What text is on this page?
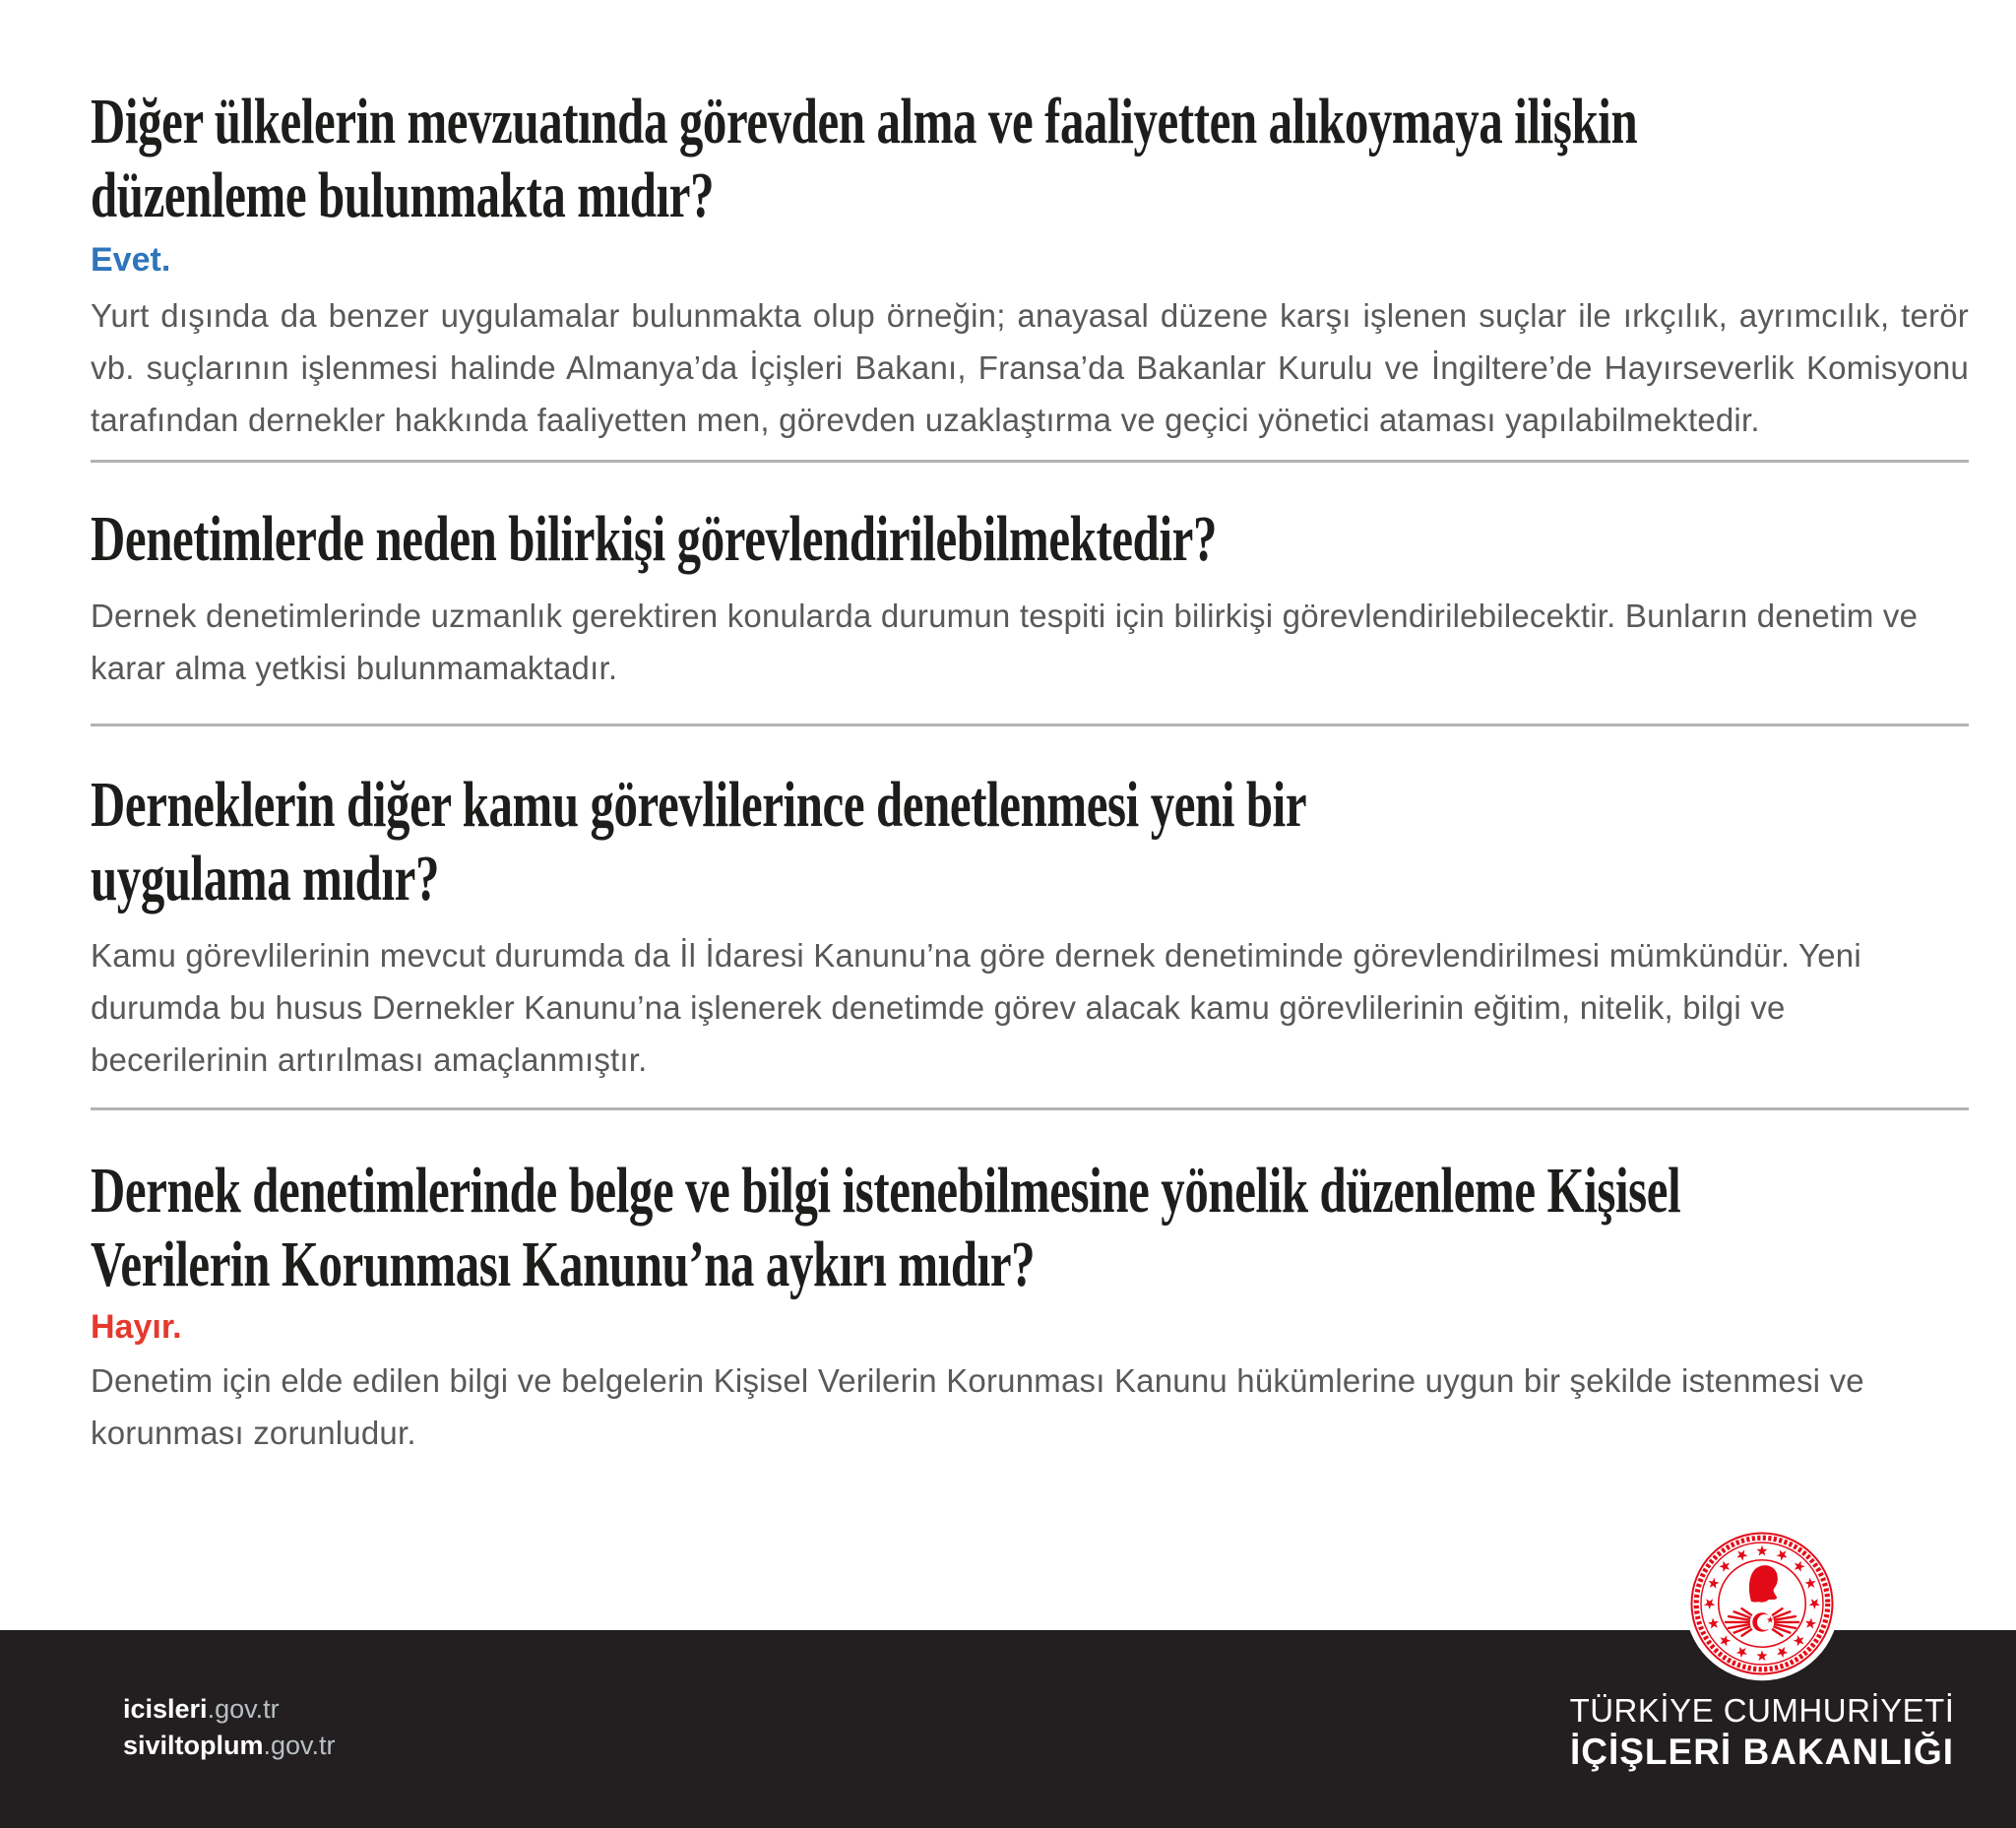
Diğer ülkelerin mevzuatında görevden alma ve faaliyetten alıkoymaya ilişkin
düzenleme bulunmakta mıdır?

Evet.

Yurt dışında da benzer uygulamalar bulunmakta olup örneğin; anayasal düzene karşı işlenen suçlar ile ırkçılık, ayrımcılık, terör vb. suçlarının işlenmesi halinde Almanya’da İçişleri Bakanı, Fransa’da Bakanlar Kurulu ve İngiltere’de Hayırseverlik Komisyonu tarafından dernekler hakkında faaliyetten men, görevden uzaklaştırma ve geçici yönetici ataması yapılabilmektedir.

Denetimlerde neden bilirkişi görevlendirilebilmektedir?

Dernek denetimlerinde uzmanlık gerektiren konularda durumun tespiti için bilirkişi görevlendirilebilecektir. Bunların denetim ve karar alma yetkisi bulunmamaktadır.

Derneklerin diğer kamu görevlilerince denetlenmesi yeni bir
uygulama mıdır?

Kamu görevlilerinin mevcut durumda da İl İdaresi Kanunu’na göre dernek denetiminde görevlendirilmesi mümkündür. Yeni durumda bu husus Dernekler Kanunu’na işlenerek denetimde görev alacak kamu görevlilerinin eğitim, nitelik, bilgi ve becerilerinin artırılması amaçlanmıştır.

Dernek denetimlerinde belge ve bilgi istenebilmesine yönelik düzenleme Kişisel
Verilerin Korunması Kanunu’na aykırı mıdır?

Hayır.

Denetim için elde edilen bilgi ve belgelerin Kişisel Verilerin Korunması Kanunu hükümlerine uygun bir şekilde istenmesi ve korunması zorunludur.

icisleri.gov.tr
siviltoplum.gov.tr
TÜRKİYE CUMHURİYETİ
İÇİŞLERİ BAKANLIĞI
